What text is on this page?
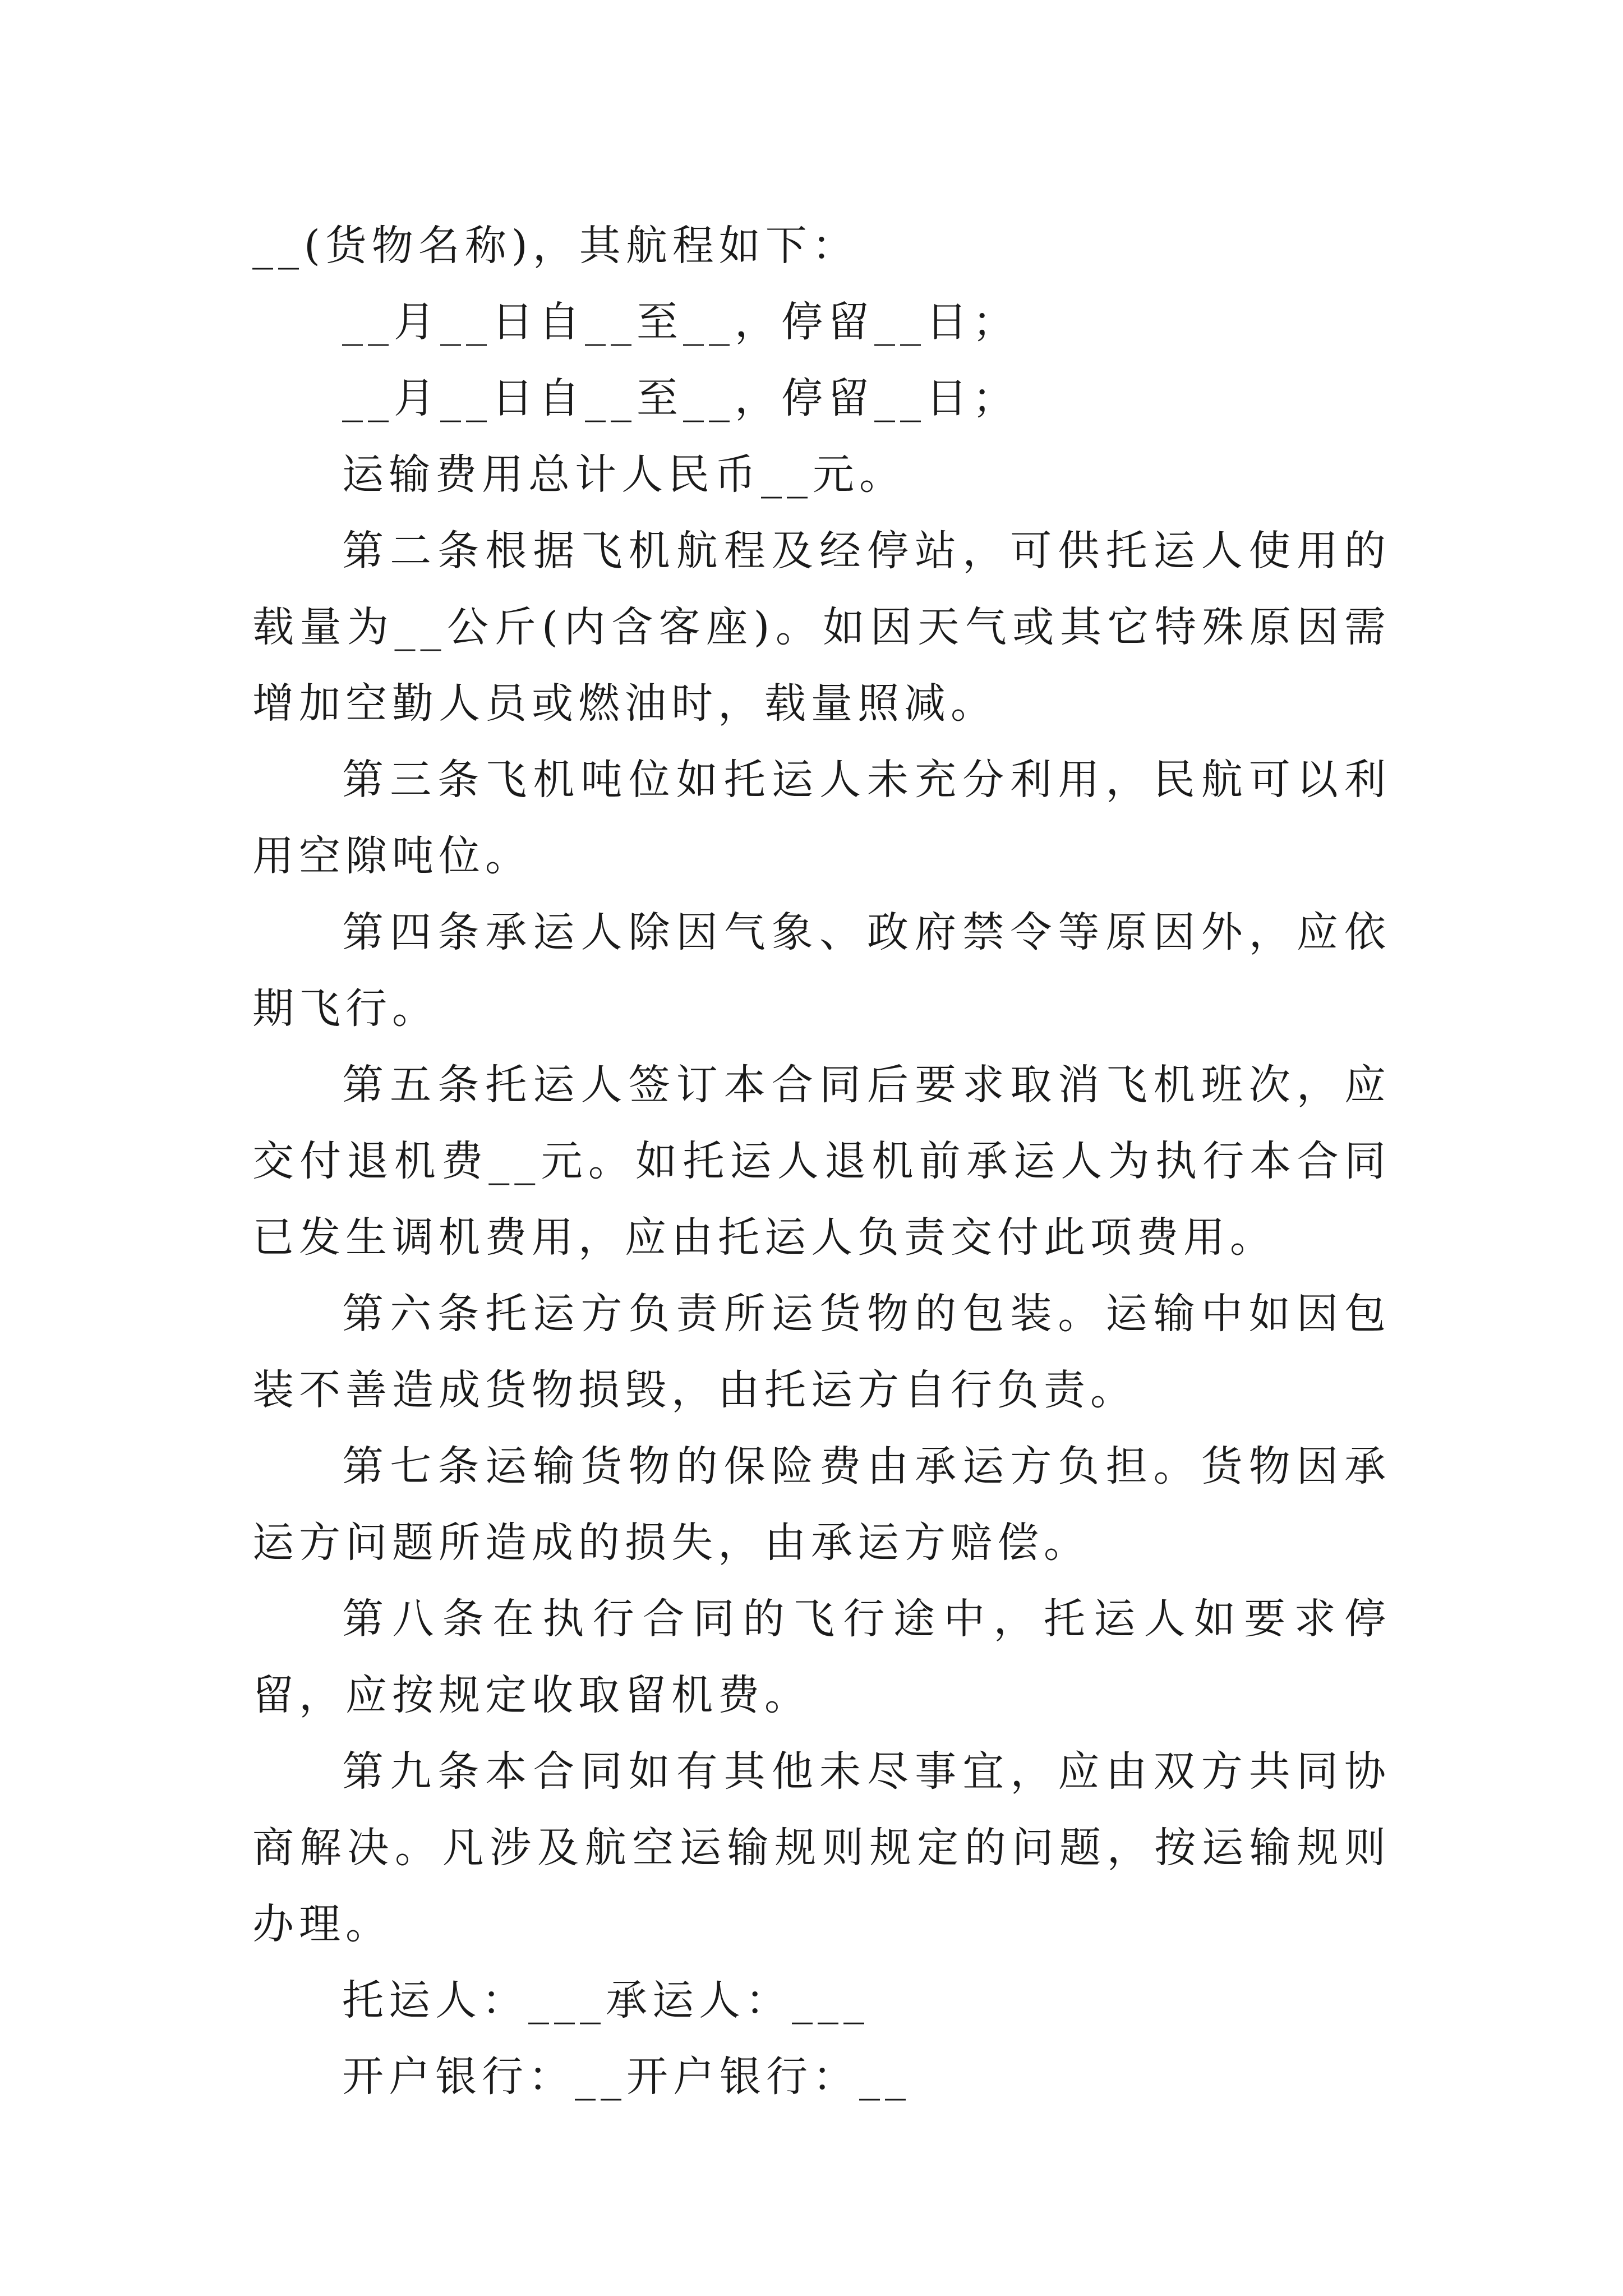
__(货物名称)，其航程如下：

__月__日自__至__，停留__日；

__月__日自__至__，停留__日；

运输费用总计人民币__元。

第二条根据飞机航程及经停站，可供托运人使用的载量为__公斤(内含客座)。如因天气或其它特殊原因需增加空勤人员或燃油时，载量照减。

第三条飞机吨位如托运人未充分利用，民航可以利用空隙吨位。

第四条承运人除因气象、政府禁令等原因外，应依期飞行。

第五条托运人签订本合同后要求取消飞机班次，应交付退机费__元。如托运人退机前承运人为执行本合同已发生调机费用，应由托运人负责交付此项费用。

第六条托运方负责所运货物的包装。运输中如因包装不善造成货物损毁，由托运方自行负责。

第七条运输货物的保险费由承运方负担。货物因承运方问题所造成的损失，由承运方赔偿。

第八条在执行合同的飞行途中，托运人如要求停留，应按规定收取留机费。

第九条本合同如有其他未尽事宜，应由双方共同协商解决。凡涉及航空运输规则规定的问题，按运输规则办理。

托运人：___承运人：___

开户银行：__开户银行：__
